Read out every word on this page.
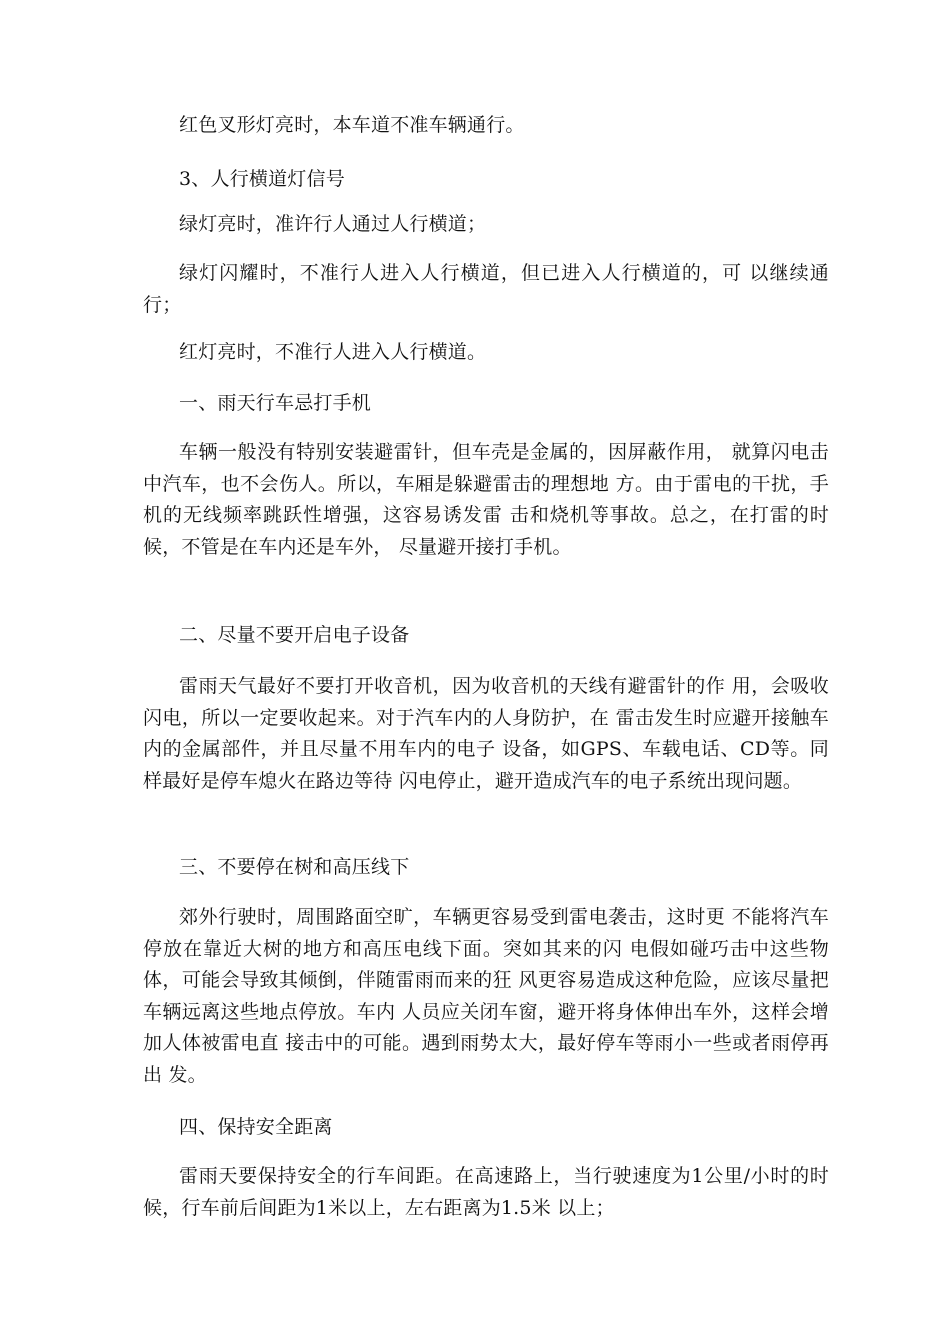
红色叉形灯亮时，本车道不准车辆通行。

3、人行横道灯信号

绿灯亮时，准许行人通过人行横道；

绿灯闪耀时，不准行人进入人行横道，但已进入人行横道的，可 以继续通行；

红灯亮时，不准行人进入人行横道。

一、雨天行车忌打手机

车辆一般没有特别安装避雷针，但车壳是金属的，因屏蔽作用， 就算闪电击中汽车，也不会伤人。所以，车厢是躲避雷击的理想地 方。由于雷电的干扰，手机的无线频率跳跃性增强，这容易诱发雷 击和烧机等事故。总之，在打雷的时候，不管是在车内还是车外， 尽量避开接打手机。

二、尽量不要开启电子设备

雷雨天气最好不要打开收音机，因为收音机的天线有避雷针的作 用，会吸收闪电，所以一定要收起来。对于汽车内的人身防护，在 雷击发生时应避开接触车内的金属部件，并且尽量不用车内的电子 设备，如GPS、车载电话、CD等。同样最好是停车熄火在路边等待 闪电停止，避开造成汽车的电子系统出现问题。

三、不要停在树和高压线下

郊外行驶时，周围路面空旷，车辆更容易受到雷电袭击，这时更 不能将汽车停放在靠近大树的地方和高压电线下面。突如其来的闪 电假如碰巧击中这些物体，可能会导致其倾倒，伴随雷雨而来的狂 风更容易造成这种危险，应该尽量把车辆远离这些地点停放。车内 人员应关闭车窗，避开将身体伸出车外，这样会增加人体被雷电直 接击中的可能。遇到雨势太大，最好停车等雨小一些或者雨停再出 发。

四、保持安全距离

雷雨天要保持安全的行车间距。在高速路上，当行驶速度为1公里/小时的时候，行车前后间距为1米以上，左右距离为1.5米 以上；
